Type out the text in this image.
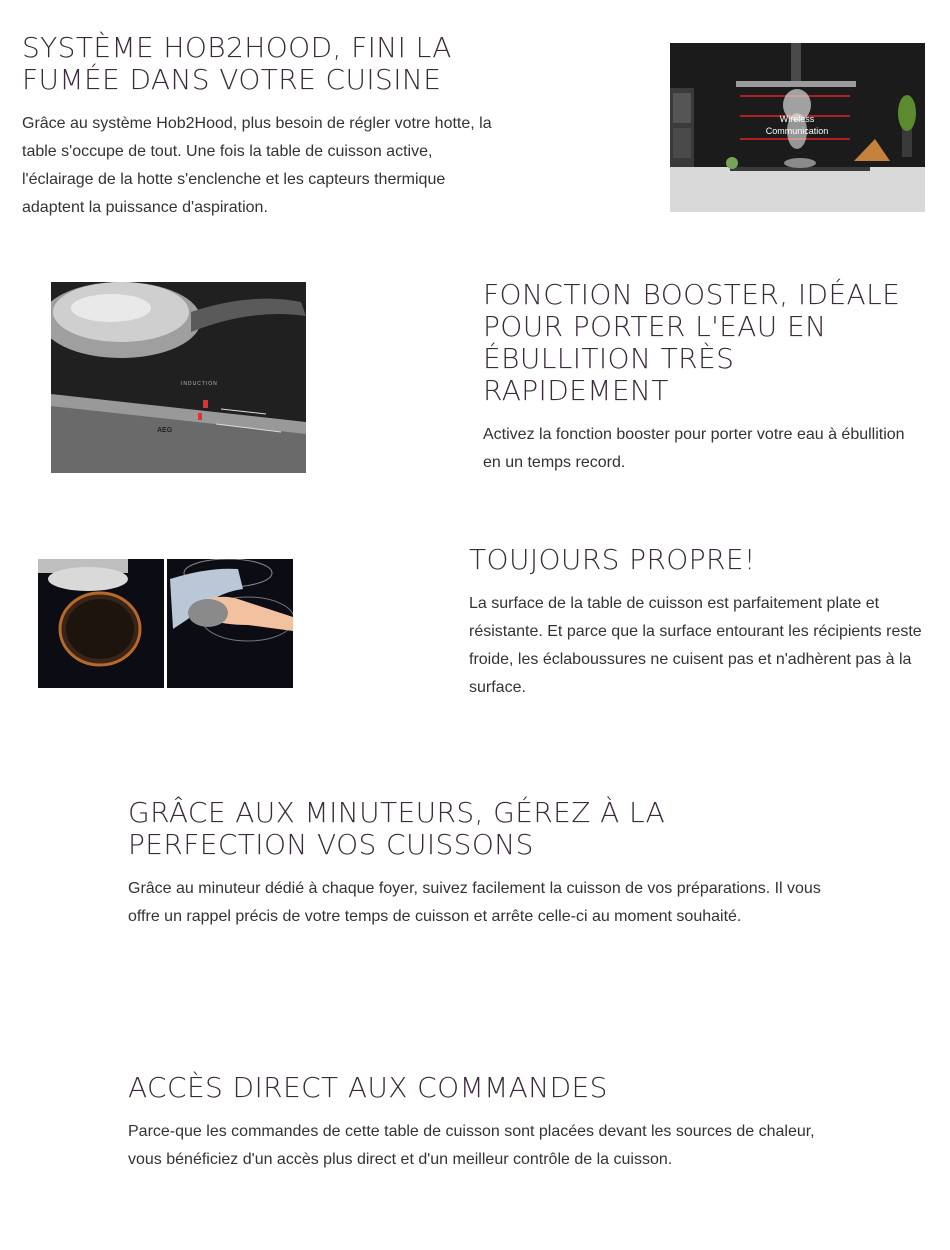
SYSTÈME HOB2HOOD, FINI LA FUMÉE DANS VOTRE CUISINE

Grâce au système Hob2Hood, plus besoin de régler votre hotte, la table s'occupe de tout. Une fois la table de cuisson active, l'éclairage de la hotte s'enclenche et les capteurs thermique adaptent la puissance d'aspiration.

Wireless
Communication
INDUCTION
AEG
FONCTION BOOSTER, IDÉALE POUR PORTER L'EAU EN ÉBULLITION TRÈS RAPIDEMENT

Activez la fonction booster pour porter votre eau à ébullition en un temps record.

TOUJOURS PROPRE!

La surface de la table de cuisson est parfaitement plate et résistante. Et parce que la surface entourant les récipients reste froide, les éclaboussures ne cuisent pas et n'adhèrent pas à la surface.

GRÂCE AUX MINUTEURS, GÉREZ À LA PERFECTION VOS CUISSONS

Grâce au minuteur dédié à chaque foyer, suivez facilement la cuisson de vos préparations. Il vous offre un rappel précis de votre temps de cuisson et arrête celle-ci au moment souhaité.

ACCÈS DIRECT AUX COMMANDES

Parce-que les commandes de cette table de cuisson sont placées devant les sources de chaleur, vous bénéficiez d'un accès plus direct et d'un meilleur contrôle de la cuisson.
